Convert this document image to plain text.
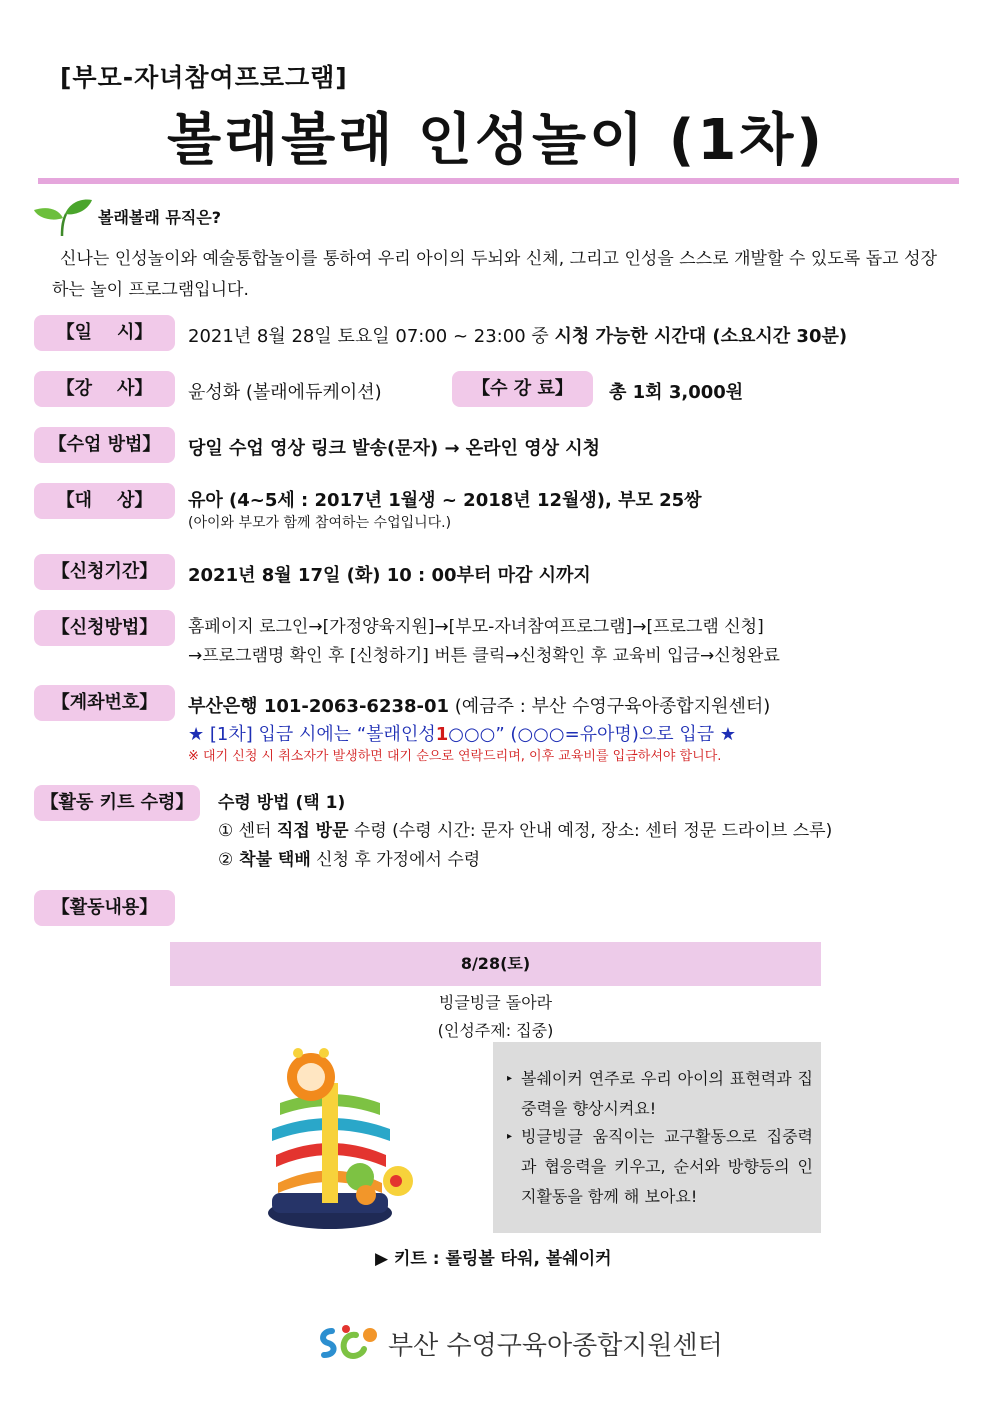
[부모-자녀참여프로그램]
볼래볼래 인성놀이 (1차)
볼래볼래 뮤직은?
신나는 인성놀이와 예술통합놀이를 통하여 우리 아이의 두뇌와 신체, 그리고 인성을 스스로 개발할 수 있도록 돕고 성장하는 놀이 프로그램입니다.
【일    시】	2021년 8월 28일 토요일 07:00 ~ 23:00 중 시청 가능한 시간대 (소요시간 30분)
【강    사】	윤성화 (볼래에듀케이션)	【수 강 료】	총 1회 3,000원
【수업 방법】	당일 수업 영상 링크 발송(문자) → 온라인 영상 시청
【대    상】	유아 (4~5세 : 2017년 1월생 ~ 2018년 12월생), 부모 25쌍
(아이와 부모가 함께 참여하는 수업입니다.)
【신청기간】	2021년 8월 17일 (화) 10 : 00부터 마감 시까지
【신청방법】	홈페이지 로그인→[가정양육지원]→[부모-자녀참여프로그램]→[프로그램 신청]
→프로그램명 확인 후 [신청하기] 버튼 클릭→신청확인 후 교육비 입금→신청완료
【계좌번호】	부산은행 101-2063-6238-01 (예금주 : 부산 수영구육아종합지원센터)
★ [1차] 입금 시에는 “볼래인성1○○○” (○○○=유아명)으로 입금 ★
※ 대기 신청 시 취소자가 발생하면 대기 순으로 연락드리며, 이후 교육비를 입금하셔야 합니다.
【활동 키트 수령】	수령 방법 (택 1)
① 센터 직접 방문 수령 (수령 시간: 문자 안내 예정, 장소: 센터 정문 드라이브 스루)
② 착불 택배 신청 후 가정에서 수령
【활동내용】
8/28(토)
빙글빙글 돌아라
(인성주제: 집중)
▸ 볼쉐이커 연주로 우리 아이의 표현력과 집중력을 향상시켜요!
▸ 빙글빙글 움직이는 교구활동으로 집중력과 협응력을 키우고, 순서와 방향등의 인지활동을 함께 해 보아요!
▶ 키트 : 롤링볼 타워, 볼쉐이커
부산 수영구육아종합지원센터
